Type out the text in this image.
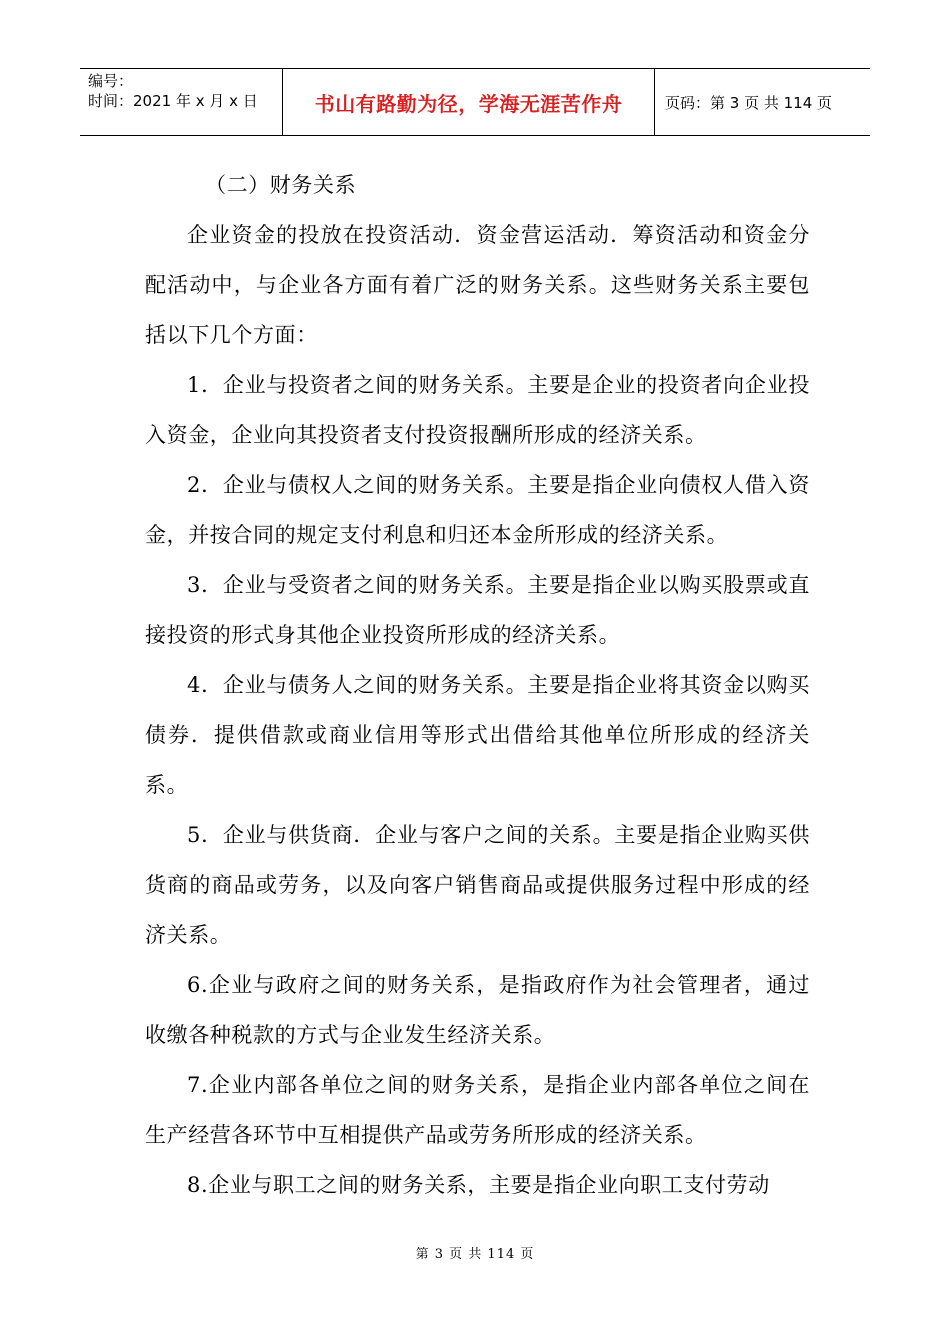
编号：
时间：2021 年 x 月 x 日	书山有路勤为径，学海无涯苦作舟	页码：第 3 页 共 114 页

（二）财务关系

企业资金的投放在投资活动．资金营运活动．筹资活动和资金分配活动中，与企业各方面有着广泛的财务关系。这些财务关系主要包括以下几个方面：

1．企业与投资者之间的财务关系。主要是企业的投资者向企业投入资金，企业向其投资者支付投资报酬所形成的经济关系。

2．企业与债权人之间的财务关系。主要是指企业向债权人借入资金，并按合同的规定支付利息和归还本金所形成的经济关系。

3．企业与受资者之间的财务关系。主要是指企业以购买股票或直接投资的形式身其他企业投资所形成的经济关系。

4．企业与债务人之间的财务关系。主要是指企业将其资金以购买债券．提供借款或商业信用等形式出借给其他单位所形成的经济关系。

5．企业与供货商．企业与客户之间的关系。主要是指企业购买供货商的商品或劳务，以及向客户销售商品或提供服务过程中形成的经济关系。

6.企业与政府之间的财务关系，是指政府作为社会管理者，通过收缴各种税款的方式与企业发生经济关系。

7.企业内部各单位之间的财务关系，是指企业内部各单位之间在生产经营各环节中互相提供产品或劳务所形成的经济关系。

8.企业与职工之间的财务关系，主要是指企业向职工支付劳动

第 3 页 共 114 页
